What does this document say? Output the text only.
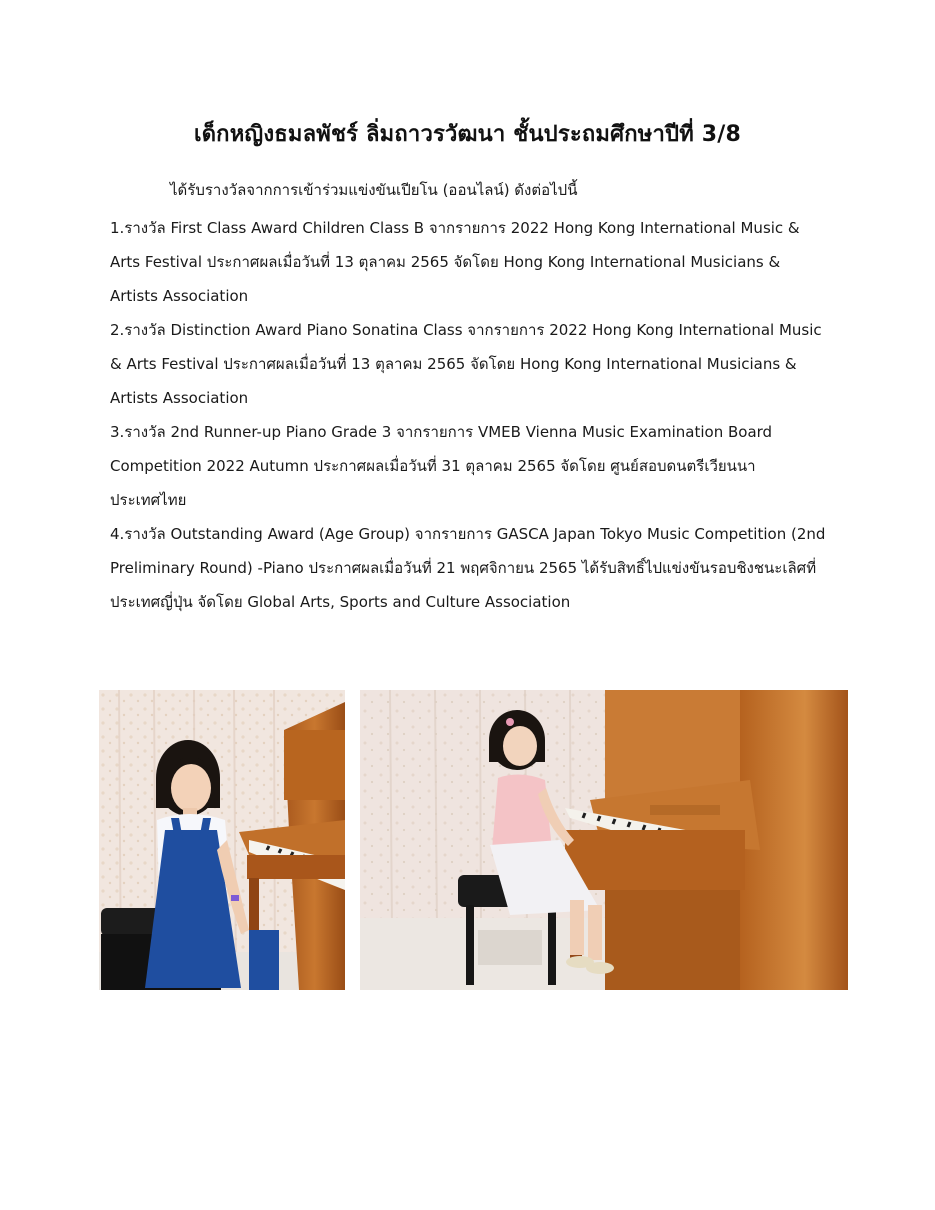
เด็กหญิงธมลพัชร์ ลิ่มถาวรวัฒนา ชั้นประถมศึกษาปีที่ 3/8
ได้รับรางวัลจากการเข้าร่วมแข่งขันเปียโน (ออนไลน์) ดังต่อไปนี้

1.รางวัล First Class Award Children Class B จากรายการ 2022 Hong Kong International Music & Arts Festival ประกาศผลเมื่อวันที่ 13 ตุลาคม 2565 จัดโดย Hong Kong International Musicians & Artists Association

2.รางวัล Distinction Award Piano Sonatina Class จากรายการ 2022 Hong Kong International Music & Arts Festival ประกาศผลเมื่อวันที่ 13 ตุลาคม 2565 จัดโดย Hong Kong International Musicians & Artists Association

3.รางวัล 2nd Runner-up Piano Grade 3 จากรายการ VMEB Vienna Music Examination Board Competition 2022 Autumn ประกาศผลเมื่อวันที่ 31 ตุลาคม 2565 จัดโดย ศูนย์สอบดนตรีเวียนนาประเทศไทย

4.รางวัล Outstanding Award (Age Group) จากรายการ GASCA Japan Tokyo Music Competition (2nd Preliminary Round) -Piano ประกาศผลเมื่อวันที่ 21 พฤศจิกายน 2565 ได้รับสิทธิ์ไปแข่งขันรอบชิงชนะเลิศที่ประเทศญี่ปุ่น จัดโดย Global Arts, Sports and Culture Association
